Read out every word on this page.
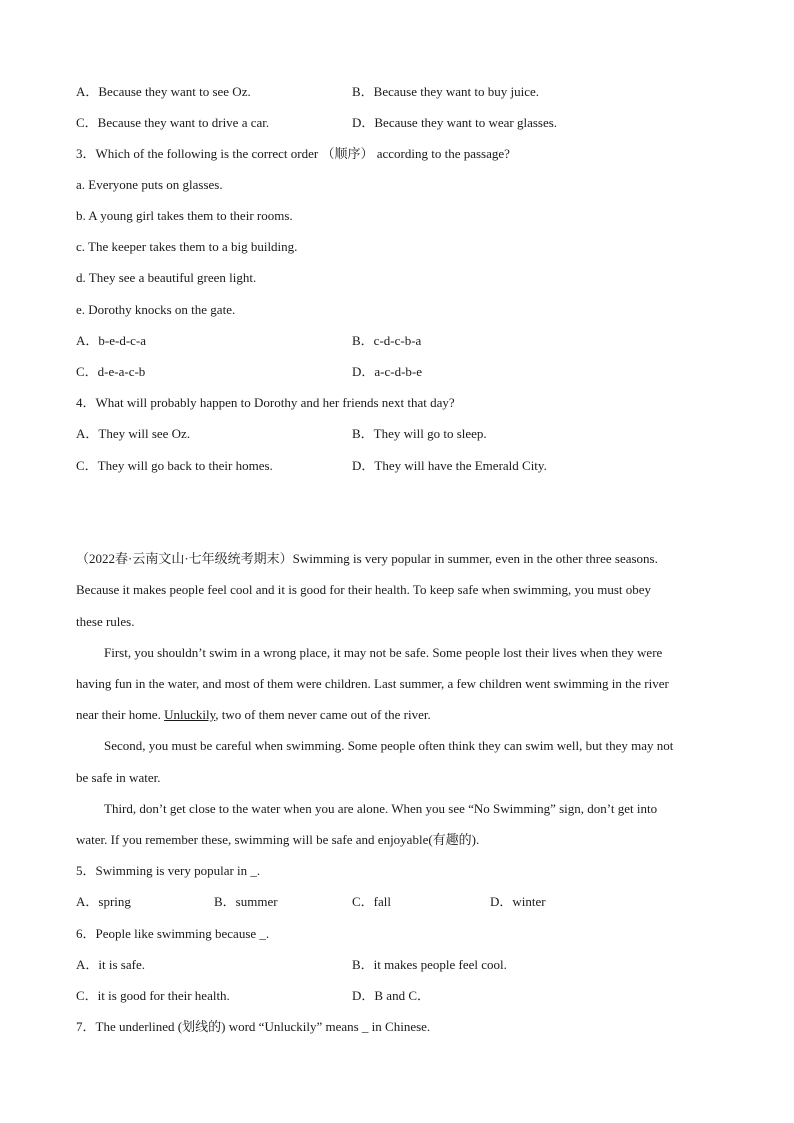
A．Because they want to see Oz.	B．Because they want to buy juice.
C．Because they want to drive a car.	D．Because they want to wear glasses.
3．Which of the following is the correct order （顺序） according to the passage?
a. Everyone puts on glasses.
b. A young girl takes them to their rooms.
c. The keeper takes them to a big building.
d. They see a beautiful green light.
e. Dorothy knocks on the gate.
A．b-e-d-c-a	B．c-d-c-b-a
C．d-e-a-c-b	D．a-c-d-b-e
4．What will probably happen to Dorothy and her friends next that day?
A．They will see Oz.	B．They will go to sleep.
C．They will go back to their homes.	D．They will have the Emerald City.
（2022春·云南文山·七年级统考期末）Swimming is very popular in summer, even in the other three seasons.
Because it makes people feel cool and it is good for their health. To keep safe when swimming, you must obey
these rules.
First, you shouldn’t swim in a wrong place, it may not be safe. Some people lost their lives when they were
having fun in the water, and most of them were children. Last summer, a few children went swimming in the river
near their home. Unluckily, two of them never came out of the river.
Second, you must be careful when swimming. Some people often think they can swim well, but they may not
be safe in water.
Third, don’t get close to the water when you are alone. When you see “No Swimming” sign, don’t get into
water. If you remember these, swimming will be safe and enjoyable(有趣的).
5．Swimming is very popular in _.
A．spring	B．summer	C．fall	D．winter
6．People like swimming because _.
A．it is safe.	B．it makes people feel cool.
C．it is good for their health.	D．B and C．
7．The underlined (划线的) word “Unluckily” means _ in Chinese.
